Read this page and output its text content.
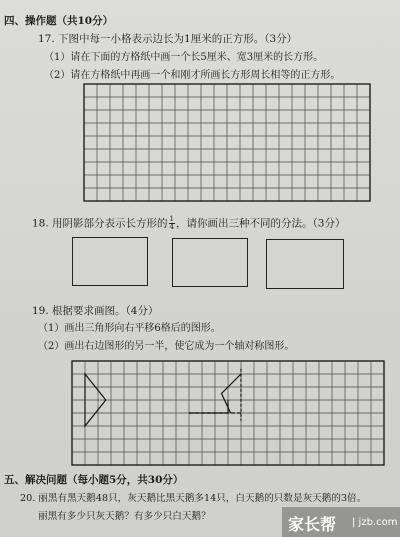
四、操作题（共10分）
17. 下图中每一小格表示边长为1厘米的正方形。（3分）
（1）请在下面的方格纸中画一个长5厘米、宽3厘米的长方形。
（2）请在方格纸中再画一个和刚才所画长方形周长相等的正方形。
18. 用阴影部分表示长方形的 $\frac{1}{4}$ ，请你画出三种不同的分法。（3分）
19. 根据要求画图。（4分）
（1）画出三角形向右平移6格后的图形。
（2）画出右边图形的另一半，使它成为一个轴对称图形。
五、解决问题（每小题5分，共30分）
20. 丽黑有黑天鹅48只，灰天鹅比黑天鹅多14只，白天鹅的只数是灰天鹅的3倍。
丽黑有多少只灰天鹅？有多少只白天鹅？	家长帮 | jzb.com
